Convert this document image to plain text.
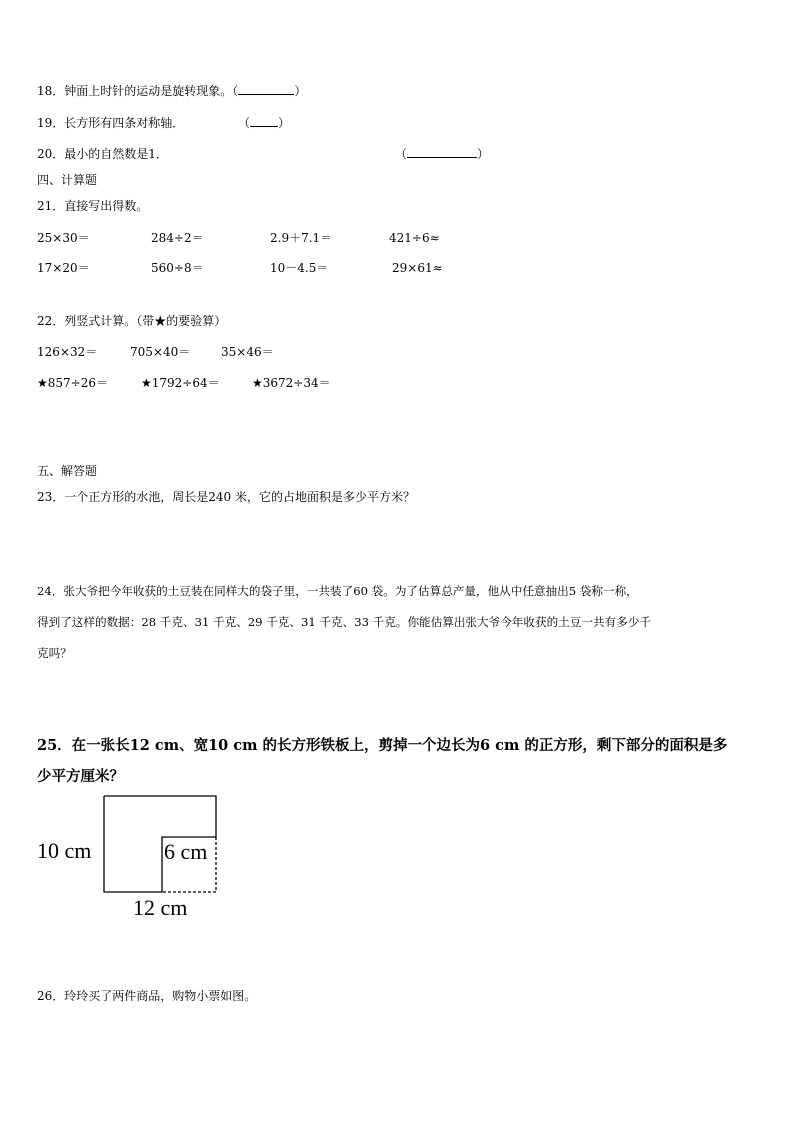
18．钟面上时针的运动是旋转现象。（	）
19．长方形有四条对称轴．	（ ）
20．最小的自然数是1．	（	）
四、计算题
21．直接写出得数。
25×30＝	284÷2＝	2.9＋7.1＝	421÷6≈
17×20＝	560÷8＝	10－4.5＝	29×61≈
22．列竖式计算。（带★的要验算）
126×32＝	705×40＝	35×46＝
★857÷26＝	★1792÷64＝	★3672÷34＝
五、解答题
23．一个正方形的水池，周长是240 米，它的占地面积是多少平方米？
24．张大爷把今年收获的土豆装在同样大的袋子里，一共装了60 袋。为了估算总产量，他从中任意抽出5 袋称一称，
得到了这样的数据：28 千克、31 千克、29 千克、31 千克、33 千克。你能估算出张大爷今年收获的土豆一共有多少千
克吗？
25．在一张长12 cm、宽10 cm 的长方形铁板上，剪掉一个边长为6 cm 的正方形，剩下部分的面积是多
少平方厘米？
10 cm	6 cm
12 cm
26．玲玲买了两件商品，购物小票如图。
